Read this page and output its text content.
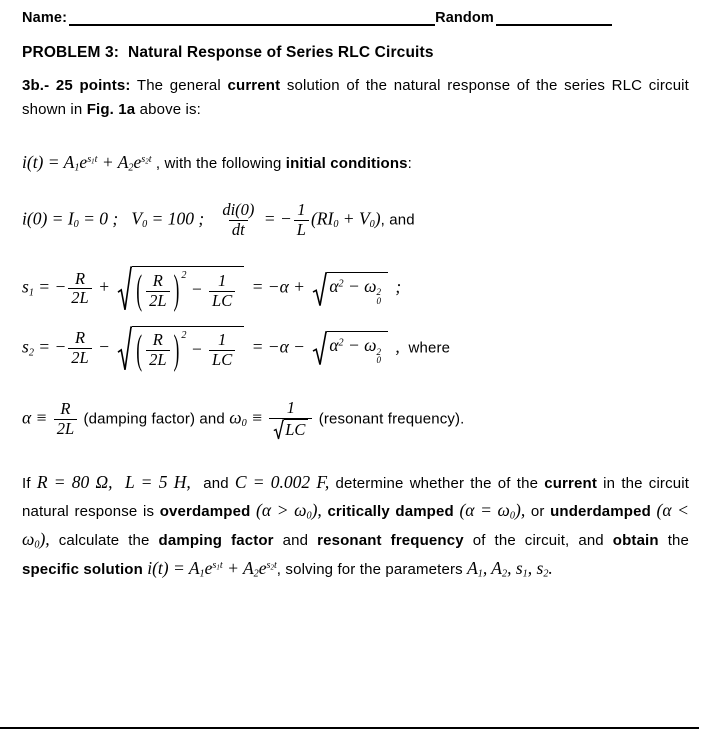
Name:	Random
PROBLEM 3:  Natural Response of Series RLC Circuits

3b.- 25 points: The general current solution of the natural response of the series RLC circuit shown in Fig. 1a above is:

$i(t) = A_1e^{s_1t} + A_2e^{s_2t}$ , with the following initial conditions:
$i(0) = I_0 = 0$ ;   $V_0 = 100$ ; $\frac{di(0)}{dt}$ = − $\frac{1}{L} (RI_0 + V_0)$, and
$s_1$ = − $\frac{R}{2L}$ +
( $\frac{R}{2L}$ ) $^2 - \frac{1}{LC} = -\alpha$ +
$\alpha^2 - \omega$ 2
0
;
$s_2$ = − $\frac{R}{2L}$ −
( $\frac{R}{2L}$ ) $^2 - \frac{1}{LC} = -\alpha$ −
$\alpha^2 - \omega$ 2
0
,  where
$\alpha \equiv \frac{R}{2L}$ (damping factor) and $\omega_0 \equiv \frac{1}{LC}$ (resonant frequency).

If R = 80 Ω,  L = 5 H,  and C = 0.002 F, determine whether the of the current in the circuit natural response is overdamped $(\alpha > \omega_0)$, critically damped $(\alpha = \omega_0)$, or underdamped $(\alpha < \omega_0)$, calculate the damping factor and resonant frequency of the circuit, and obtain the specific solution $i(t) = A_1e^{s_1t} + A_2e^{s_2t}$, solving for the parameters $A_1$, $A_2$, $s_1$, $s_2$.
